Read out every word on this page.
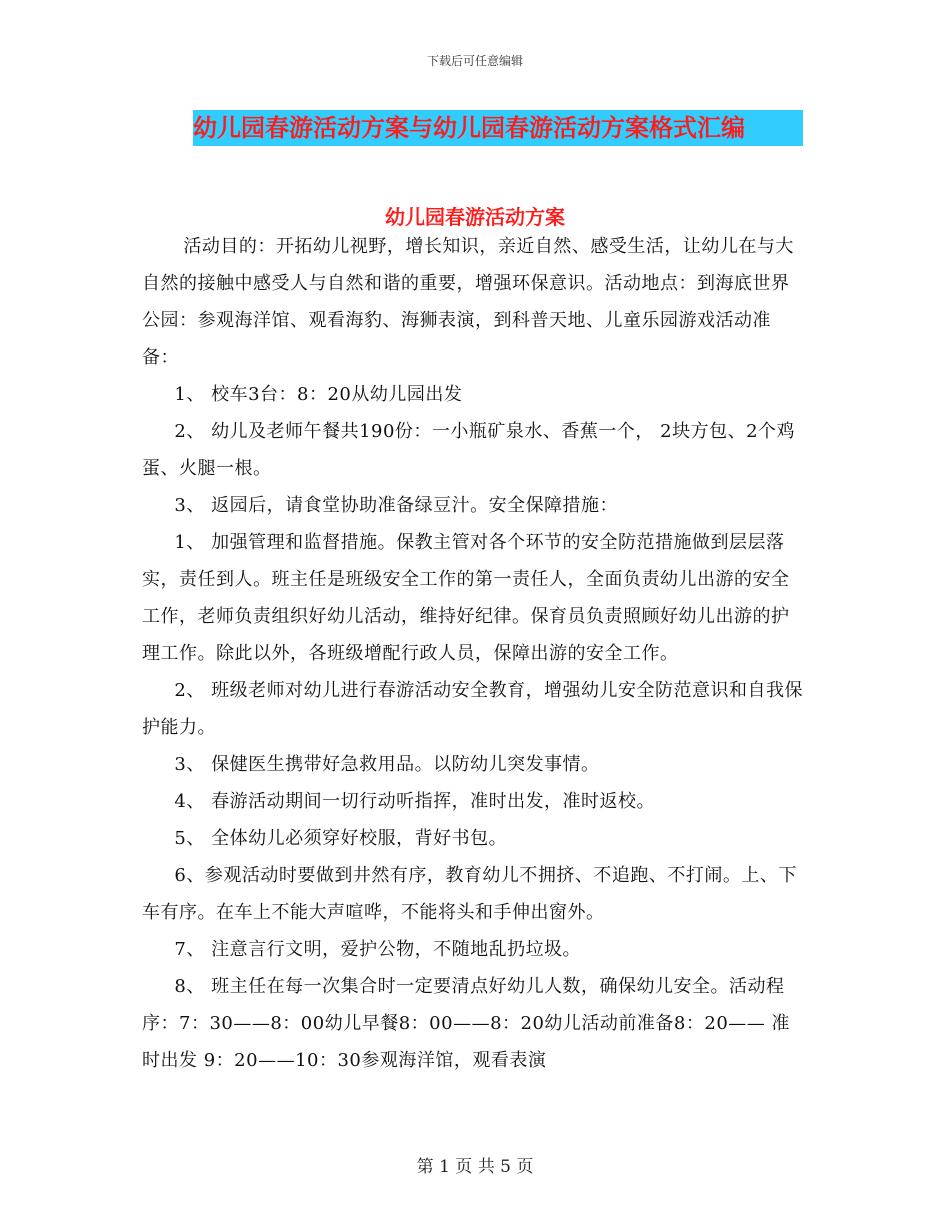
下载后可任意编辑
幼儿园春游活动方案与幼儿园春游活动方案格式汇编
幼儿园春游活动方案

活动目的：开拓幼儿视野，增长知识，亲近自然、感受生活，让幼儿在与大自然的接触中感受人与自然和谐的重要，增强环保意识。活动地点：到海底世界公园：参观海洋馆、观看海豹、海狮表演，到科普天地、儿童乐园游戏活动准备：

1、 校车3台：8：20从幼儿园出发

2、 幼儿及老师午餐共190份：一小瓶矿泉水、香蕉一个， 2块方包、2个鸡蛋、火腿一根。

3、 返园后，请食堂协助准备绿豆汁。安全保障措施：

1、 加强管理和监督措施。保教主管对各个环节的安全防范措施做到层层落实，责任到人。班主任是班级安全工作的第一责任人，全面负责幼儿出游的安全工作，老师负责组织好幼儿活动，维持好纪律。保育员负责照顾好幼儿出游的护理工作。除此以外，各班级增配行政人员，保障出游的安全工作。

2、 班级老师对幼儿进行春游活动安全教育，增强幼儿安全防范意识和自我保护能力。

3、 保健医生携带好急救用品。以防幼儿突发事情。

4、 春游活动期间一切行动听指挥，准时出发，准时返校。

5、 全体幼儿必须穿好校服，背好书包。

6、参观活动时要做到井然有序，教育幼儿不拥挤、不追跑、不打闹。上、下车有序。在车上不能大声喧哗，不能将头和手伸出窗外。

7、 注意言行文明，爱护公物，不随地乱扔垃圾。

8、 班主任在每一次集合时一定要清点好幼儿人数，确保幼儿安全。活动程序：7：30——8：00幼儿早餐8：00——8：20幼儿活动前准备8：20—— 准时出发 9：20——10：30参观海洋馆，观看表演

第 1 页 共 5 页
